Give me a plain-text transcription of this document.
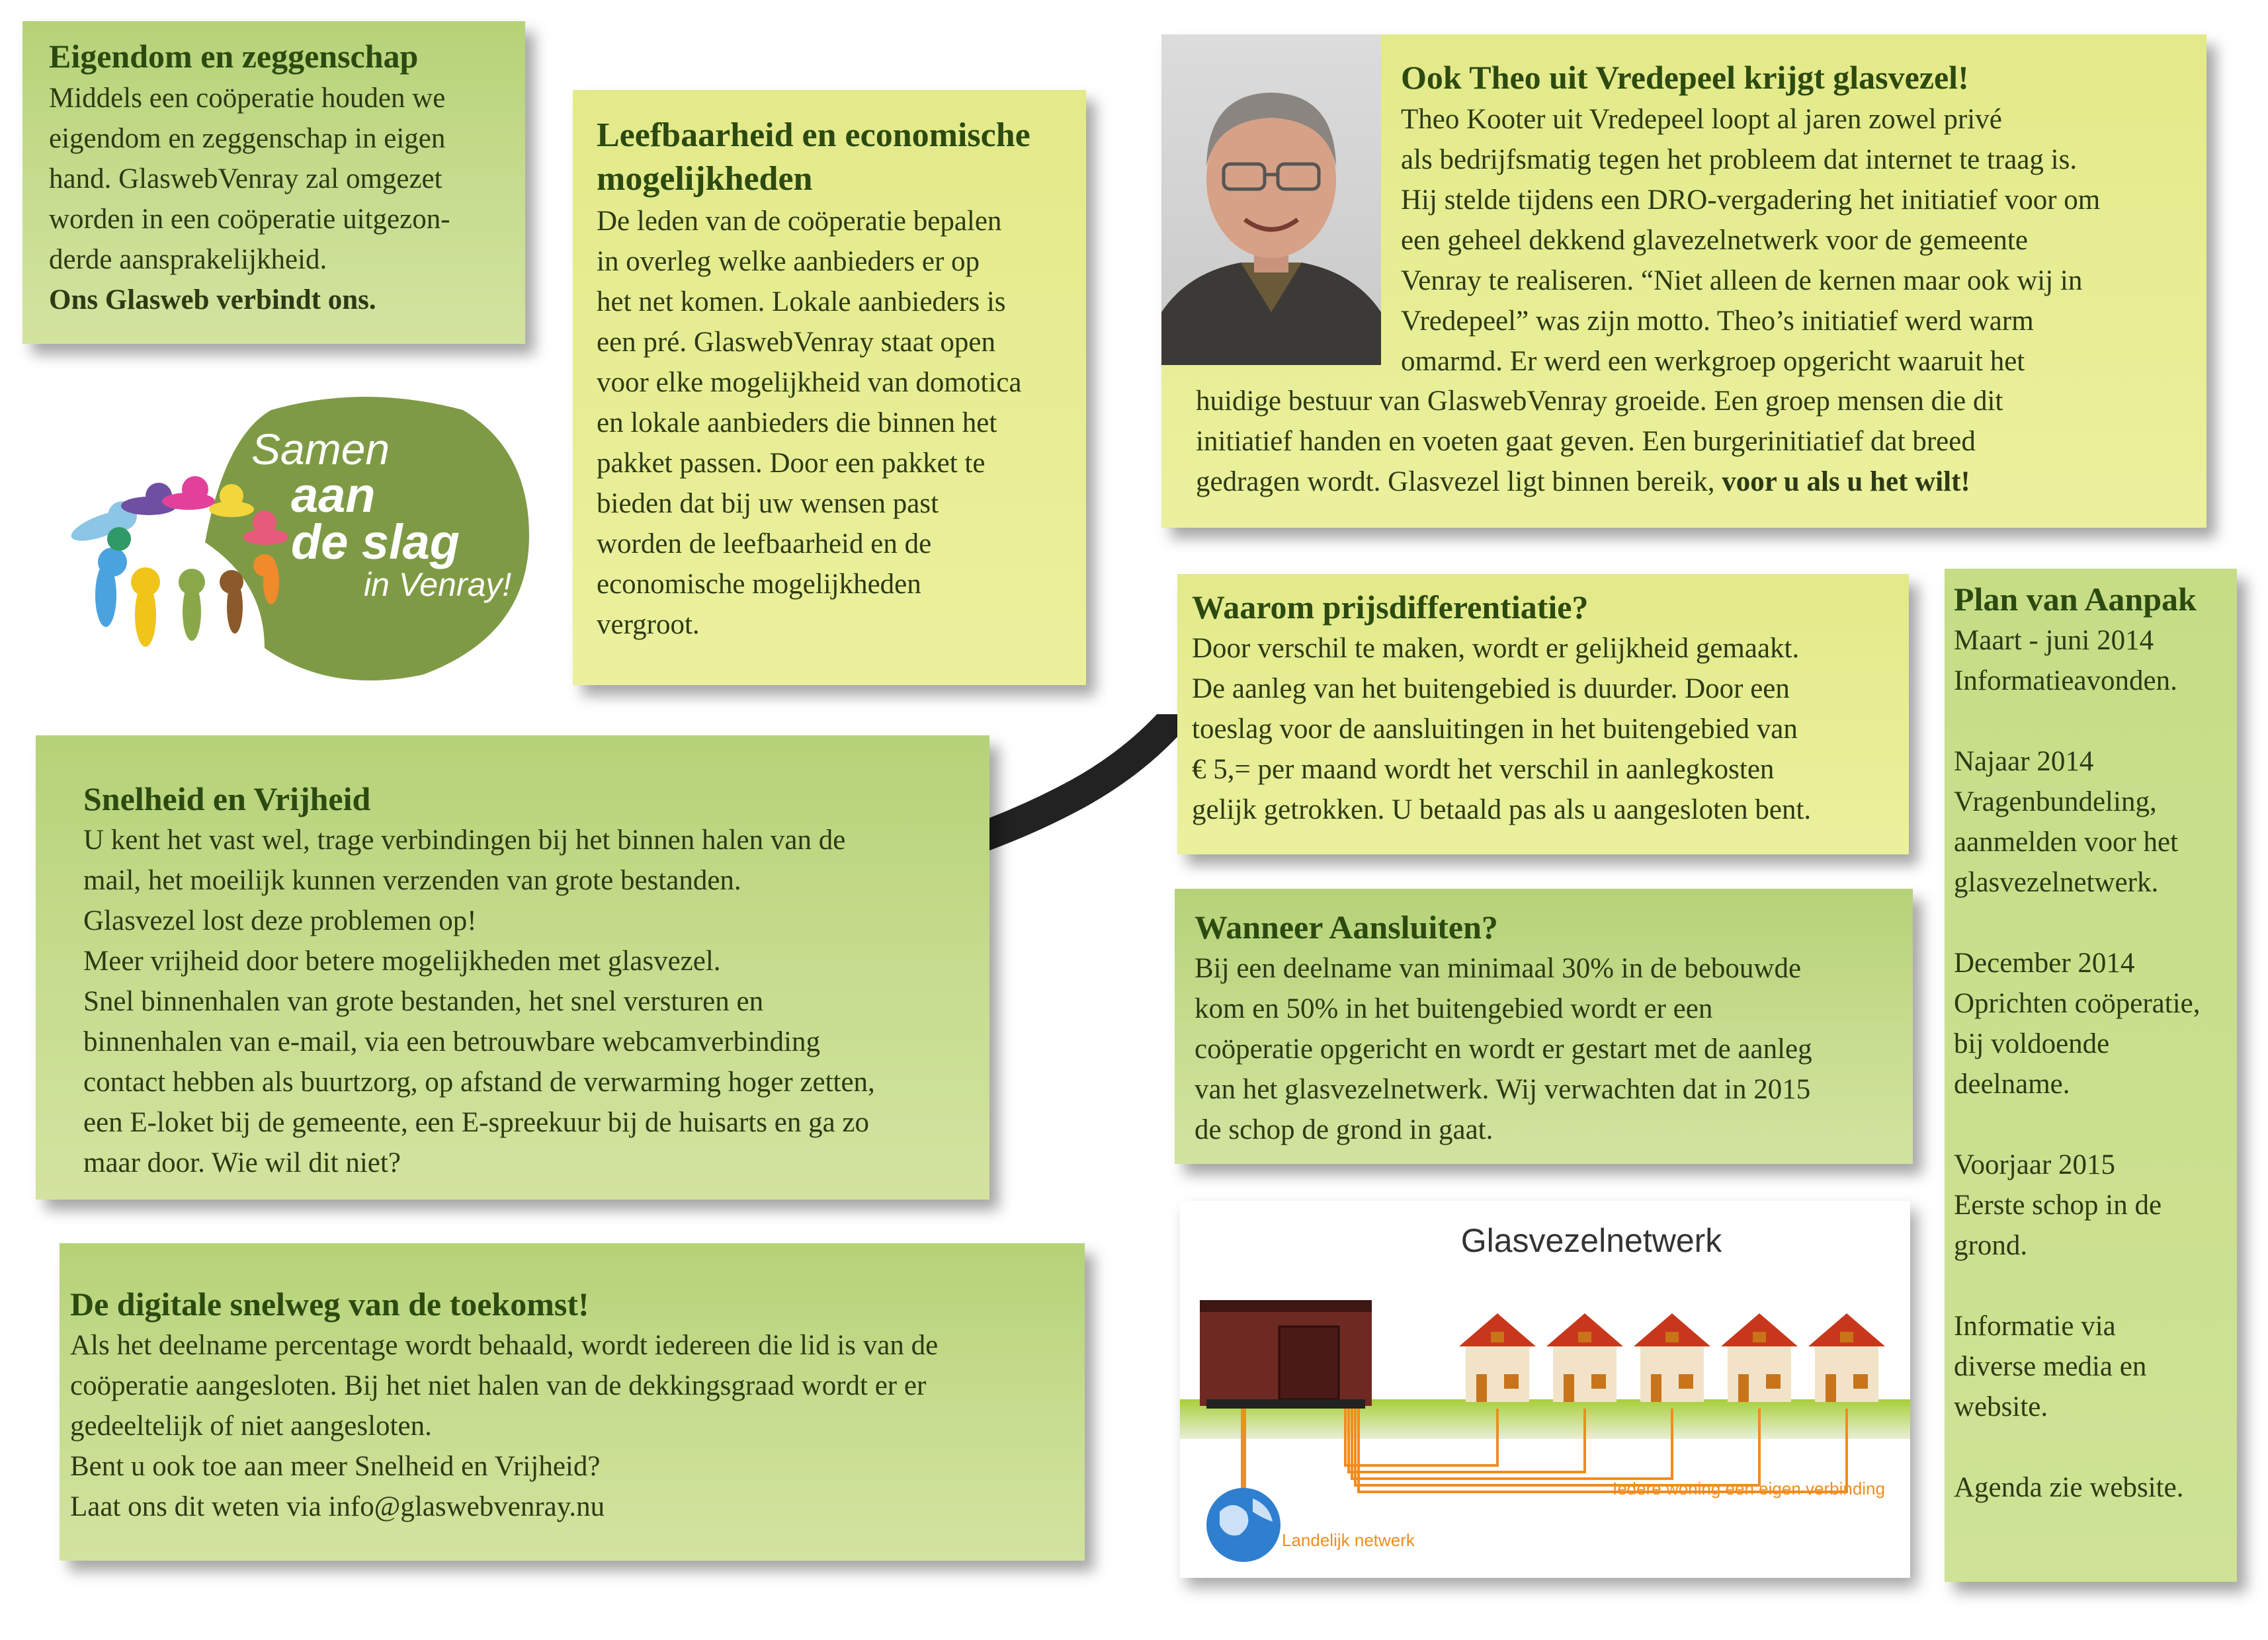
Eigendom en zeggenschap
Middels een coöperatie houden we
eigendom en zeggenschap in eigen
hand. GlaswebVenray zal omgezet
worden in een coöperatie uitgezon-
derde aansprakelijkheid.
Ons Glasweb verbindt ons.
Leefbaarheid en economische
mogelijkheden
De leden van de coöperatie bepalen
in overleg welke aanbieders er op
het net komen. Lokale aanbieders is
een pré. GlaswebVenray staat open
voor elke mogelijkheid van domotica
en lokale aanbieders die binnen het
pakket passen. Door een pakket te
bieden dat bij uw wensen past
worden de leefbaarheid en de
economische mogelijkheden
vergroot.
Ook Theo uit Vredepeel krijgt glasvezel!
Theo Kooter uit Vredepeel loopt al jaren zowel privé
als bedrijfsmatig tegen het probleem dat internet te traag is.
Hij stelde tijdens een DRO-vergadering het initiatief voor om
een geheel dekkend glavezelnetwerk voor de gemeente
Venray te realiseren. “Niet alleen de kernen maar ook wij in
Vredepeel” was zijn motto. Theo’s initiatief werd warm
omarmd. Er werd een werkgroep opgericht waaruit het
huidige bestuur van GlaswebVenray groeide. Een groep mensen die dit
initiatief handen en voeten gaat geven. Een burgerinitiatief dat breed
gedragen wordt. Glasvezel ligt binnen bereik, voor u als u het wilt!
Samen
aan
de slag
in Venray!
Waarom prijsdifferentiatie?
Door verschil te maken, wordt er gelijkheid gemaakt.
De aanleg van het buitengebied is duurder. Door een
toeslag voor de aansluitingen in het buitengebied van
€ 5,= per maand wordt het verschil in aanlegkosten
gelijk getrokken. U betaald pas als u aangesloten bent.
Plan van Aanpak
Maart - juni 2014
Informatieavonden.
Najaar 2014
Vragenbundeling,
aanmelden voor het
glasvezelnetwerk.
December 2014
Oprichten coöperatie,
bij voldoende
deelname.
Voorjaar 2015
Eerste schop in de
grond.
Informatie via
diverse media en
website.
Agenda zie website.
Snelheid en Vrijheid
U kent het vast wel, trage verbindingen bij het binnen halen van de
mail, het moeilijk kunnen verzenden van grote bestanden.
Glasvezel lost deze problemen op!
Meer vrijheid door betere mogelijkheden met glasvezel.
Snel binnenhalen van grote bestanden, het snel versturen en
binnenhalen van e-mail, via een betrouwbare webcamverbinding
contact hebben als buurtzorg, op afstand de verwarming hoger zetten,
een E-loket bij de gemeente, een E-spreekuur bij de huisarts en ga zo
maar door. Wie wil dit niet?
Wanneer Aansluiten?
Bij een deelname van minimaal 30% in de bebouwde
kom en 50% in het buitengebied wordt er een
coöperatie opgericht en wordt er gestart met de aanleg
van het glasvezelnetwerk. Wij verwachten dat in 2015
de schop de grond in gaat.
Glasvezelnetwerk
Iedere woning een eigen verbinding
Landelijk netwerk
De digitale snelweg van de toekomst!
Als het deelname percentage wordt behaald, wordt iedereen die lid is van de
coöperatie aangesloten. Bij het niet halen van de dekkingsgraad wordt er er
gedeeltelijk of niet aangesloten.
Bent u ook toe aan meer Snelheid en Vrijheid?
Laat ons dit weten via info@glaswebvenray.nu
